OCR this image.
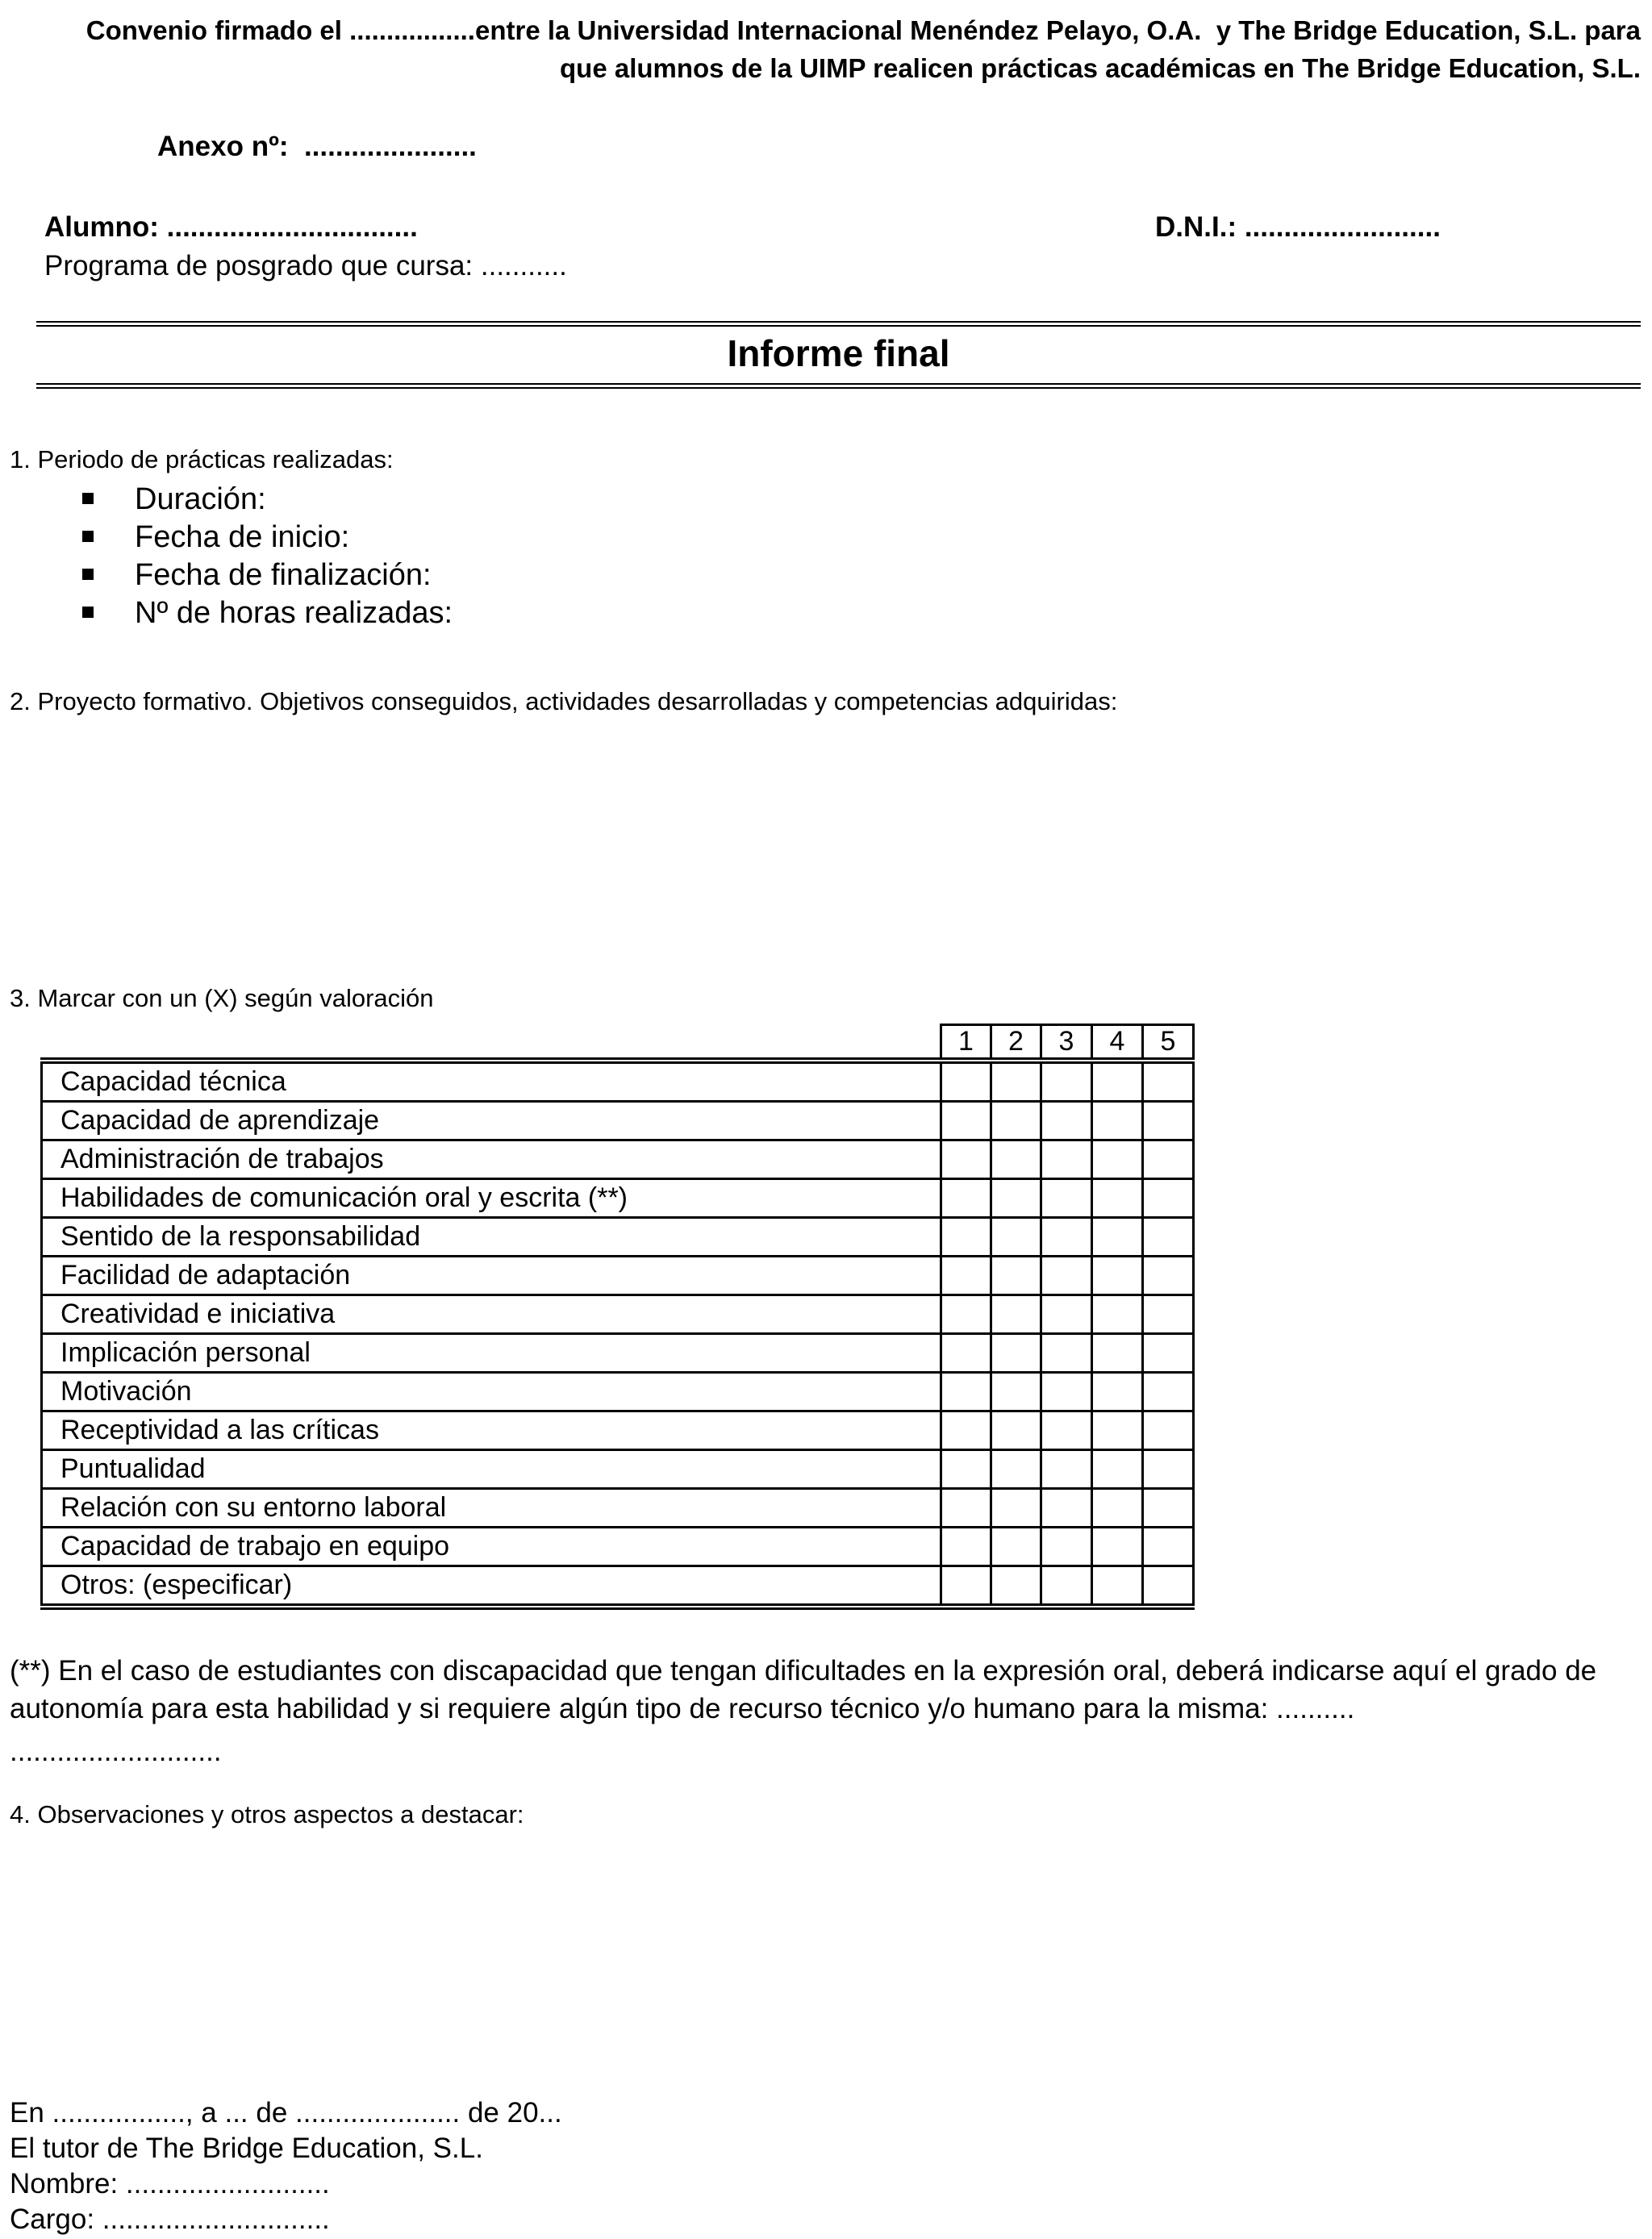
Convenio firmado el .................entre la Universidad Internacional Menéndez Pelayo, O.A.  y The Bridge Education, S.L. para
que alumnos de la UIMP realicen prácticas académicas en The Bridge Education, S.L.
Anexo nº:  ......................
Alumno: ................................	D.N.I.: .........................
Programa de posgrado que cursa: ...........
Informe final
1. Periodo de prácticas realizadas:
Duración:
Fecha de inicio:
Fecha de finalización:
Nº de horas realizadas:
2. Proyecto formativo. Objetivos conseguidos, actividades desarrolladas y competencias adquiridas:
3. Marcar con un (X) según valoración
	1	2	3	4	5
Capacidad técnica					
Capacidad de aprendizaje					
Administración de trabajos					
Habilidades de comunicación oral y escrita (**)					
Sentido de la responsabilidad					
Facilidad de adaptación					
Creatividad e iniciativa					
Implicación personal					
Motivación					
Receptividad a las críticas					
Puntualidad					
Relación con su entorno laboral					
Capacidad de trabajo en equipo					
Otros: (especificar)					
(**) En el caso de estudiantes con discapacidad que tengan dificultades en la expresión oral, deberá indicarse aquí el grado de
autonomía para esta habilidad y si requiere algún tipo de recurso técnico y/o humano para la misma: ..........
...........................
4. Observaciones y otros aspectos a destacar:
En ................., a ... de ..................... de 20...
El tutor de The Bridge Education, S.L.
Nombre: ..........................
Cargo: .............................
